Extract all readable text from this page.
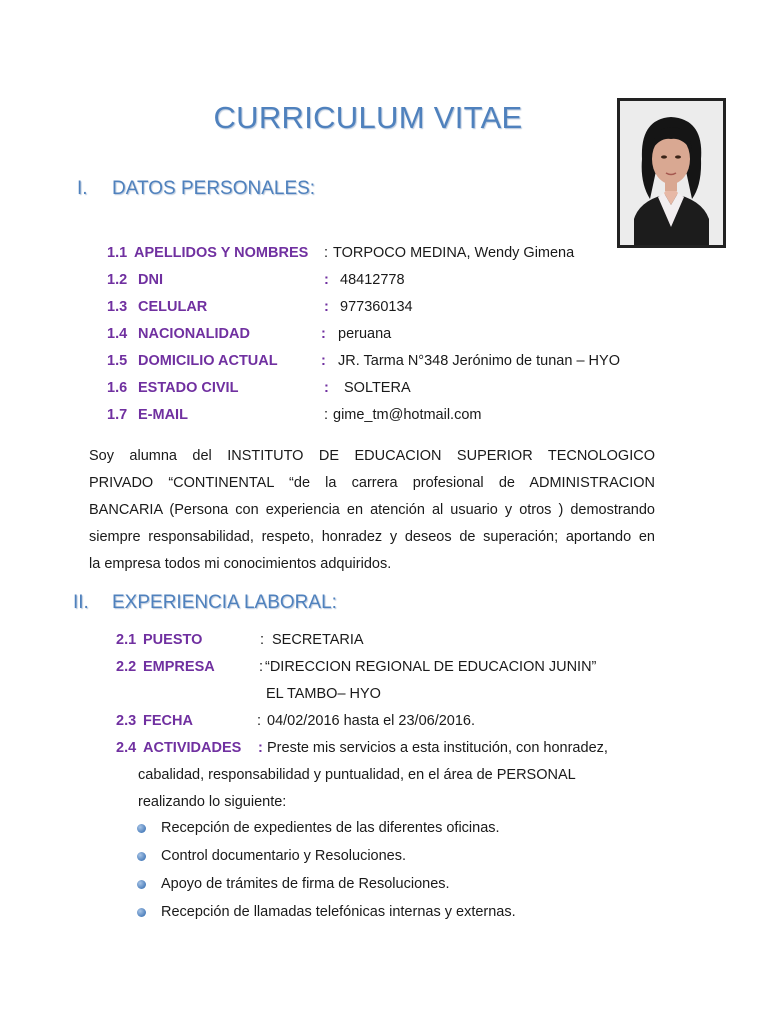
CURRICULUM VITAE
I. DATOS PERSONALES:
1.1 APELLIDOS Y NOMBRES : TORPOCO MEDINA, Wendy Gimena
1.2 DNI	: 48412778
1.3 CELULAR	: 977360134
1.4 NACIONALIDAD	: peruana
1.5 DOMICILIO ACTUAL	: JR. Tarma N°348 Jerónimo de tunan – HYO
1.6 ESTADO CIVIL	: SOLTERA
1.7 E-MAIL	: gime_tm@hotmail.com
Soy alumna del INSTITUTO DE EDUCACION SUPERIOR TECNOLOGICO
PRIVADO “CONTINENTAL “de la carrera profesional de ADMINISTRACION
BANCARIA (Persona con experiencia en atención al usuario y otros ) demostrando
siempre responsabilidad, respeto, honradez y deseos de superación; aportando en
la empresa todos mi conocimientos adquiridos.
II. EXPERIENCIA LABORAL:
2.1 PUESTO	: SECRETARIA
2.2 EMPRESA	: “DIRECCION REGIONAL DE EDUCACION JUNIN”
EL TAMBO– HYO
2.3 FECHA	: 04/02/2016 hasta el 23/06/2016.
2.4 ACTIVIDADES : Preste mis servicios a esta institución, con honradez,
cabalidad, responsabilidad y puntualidad, en el área de PERSONAL
realizando lo siguiente:
Recepción de expedientes de las diferentes oficinas.
Control documentario y Resoluciones.
Apoyo de trámites de firma de Resoluciones.
Recepción de llamadas telefónicas internas y externas.
